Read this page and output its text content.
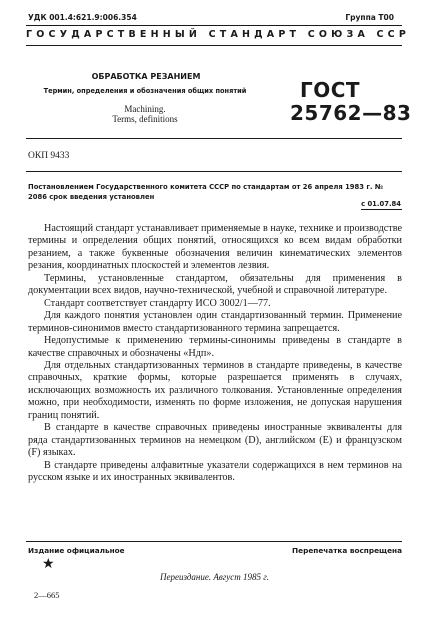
УДК 001.4:621.9:006.354	Группа Т00
ГОСУДАРСТВЕННЫЙ СТАНДАРТ СОЮЗА ССР
ОБРАБОТКА РЕЗАНИЕМ
Термин, определения и обозначения общих понятий
Machining.
Terms, definitions
ГОСТ
25762—83
ОКП 9433
Постановлением Государственного комитета СССР по стандартам от 26 апреля 1983 г. № 2086 срок введения установлен
с 01.07.84

Настоящий стандарт устанавливает применяемые в науке, технике и производстве термины и определения общих понятий, относящихся ко всем видам обработки резанием, а также буквенные обозначения величин кинематических элементов резания, координатных плоскостей и элементов лезвия.

Термины, установленные стандартом, обязательны для применения в документации всех видов, научно-технической, учебной и справочной литературе.

Стандарт соответствует стандарту ИСО 3002/1—77.

Для каждого понятия установлен один стандартизованный термин. Применение терминов-синонимов вместо стандартизованного термина запрещается.

Недопустимые к применению термины-синонимы приведены в стандарте в качестве справочных и обозначены «Ндп».

Для отдельных стандартизованных терминов в стандарте приведены, в качестве справочных, краткие формы, которые разрешается применять в случаях, исключающих возможность их различного толкования. Установленные определения можно, при необходимости, изменять по форме изложения, не допуская нарушения границ понятий.

В стандарте в качестве справочных приведены иностранные эквиваленты для ряда стандартизованных терминов на немецком (D), английском (E) и французском (F) языках.

В стандарте приведены алфавитные указатели содержащихся в нем терминов на русском языке и их иностранных эквивалентов.

Издание официальное	Перепечатка воспрещена
★
Переиздание. Август 1985 г.
2—665
